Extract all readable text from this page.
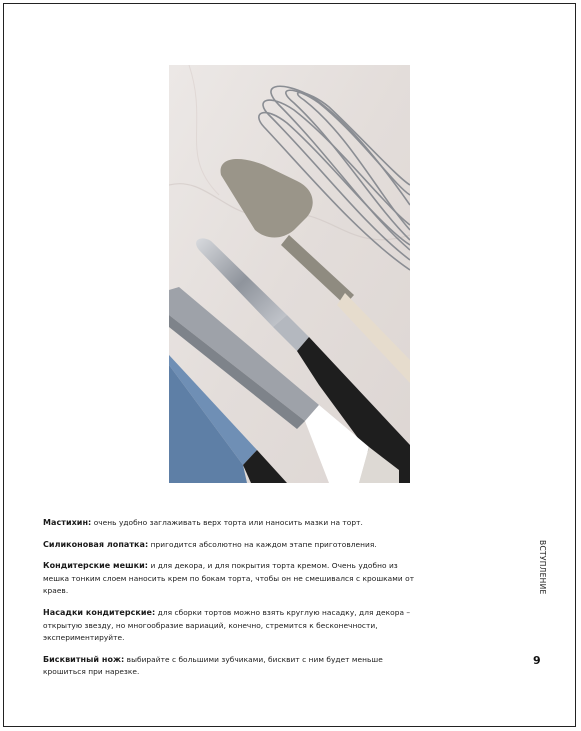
Мастихин: очень удобно заглаживать верх торта или наносить мазки на торт.

Силиконовая лопатка: пригодится абсолютно на каждом этапе приготовления.

Кондитерские мешки: и для декора, и для покрытия торта кремом. Очень удобно из мешка тонким слоем наносить крем по бокам торта, чтобы он не смешивался с крошками от краев.

Насадки кондитерские: для сборки тортов можно взять круглую насадку, для декора – открытую звезду, но многообразие вариаций, конечно, стремится к бесконечности, экспериментируйте.

Бисквитный нож: выбирайте с большими зубчиками, бисквит с ним будет меньше крошиться при нарезке.

ВСТУПЛЕНИЕ
9
